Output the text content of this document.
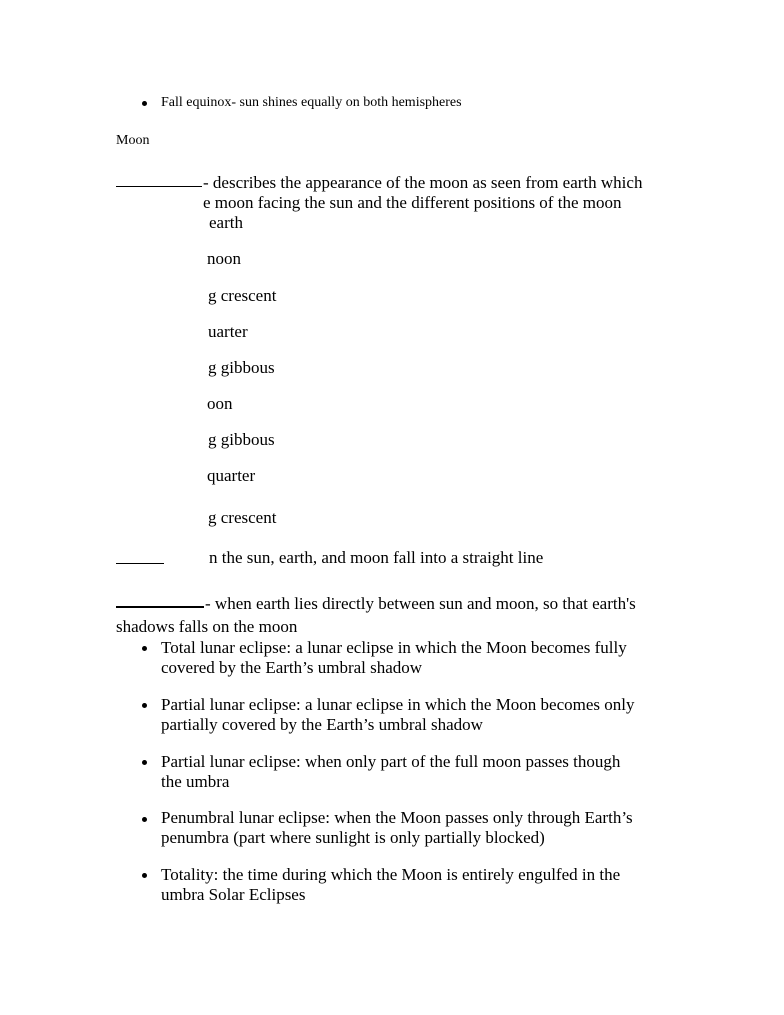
Fall equinox- sun shines equally on both hemispheres
Moon
- describes the appearance of the moon as seen from earth which
e moon facing the sun and the different positions of the moon
earth
noon
g crescent
uarter
g gibbous
oon
g gibbous
quarter
g crescent
n the sun, earth, and moon fall into a straight line
- when earth lies directly between sun and moon, so that earth's
shadows falls on the moon
Total lunar eclipse: a lunar eclipse in which the Moon becomes fully
covered by the Earth’s umbral shadow
Partial lunar eclipse: a lunar eclipse in which the Moon becomes only
partially covered by the Earth’s umbral shadow
Partial lunar eclipse: when only part of the full moon passes though
the umbra
Penumbral lunar eclipse: when the Moon passes only through Earth’s
penumbra (part where sunlight is only partially blocked)
Totality: the time during which the Moon is entirely engulfed in the
umbra Solar Eclipses
